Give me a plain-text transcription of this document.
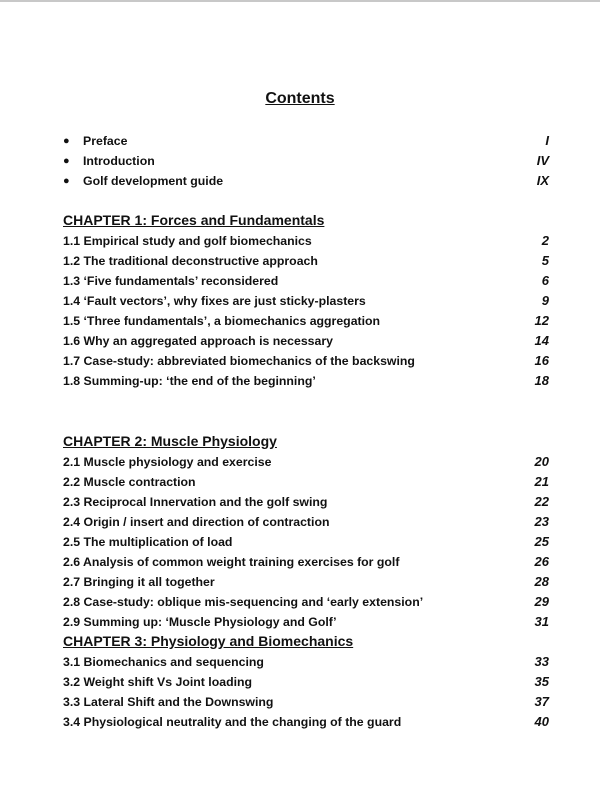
Contents
● Preface	I
● Introduction	IV
● Golf development guide	IX
CHAPTER 1: Forces and Fundamentals
1.1 Empirical study and golf biomechanics	2
1.2 The traditional deconstructive approach	5
1.3 ‘Five fundamentals’ reconsidered	6
1.4 ‘Fault vectors’, why fixes are just sticky-plasters	9
1.5 ‘Three fundamentals’, a biomechanics aggregation	12
1.6 Why an aggregated approach is necessary	14
1.7 Case-study: abbreviated biomechanics of the backswing	16
1.8 Summing-up: ‘the end of the beginning’	18
CHAPTER 2: Muscle Physiology
2.1 Muscle physiology and exercise	20
2.2 Muscle contraction	21
2.3 Reciprocal Innervation and the golf swing	22
2.4 Origin / insert and direction of contraction	23
2.5 The multiplication of load	25
2.6 Analysis of common weight training exercises for golf	26
2.7 Bringing it all together	28
2.8 Case-study: oblique mis-sequencing and ‘early extension’	29
2.9 Summing up: ‘Muscle Physiology and Golf’	31
CHAPTER 3: Physiology and Biomechanics
3.1 Biomechanics and sequencing	33
3.2 Weight shift Vs Joint loading	35
3.3 Lateral Shift and the Downswing	37
3.4 Physiological neutrality and the changing of the guard	40
